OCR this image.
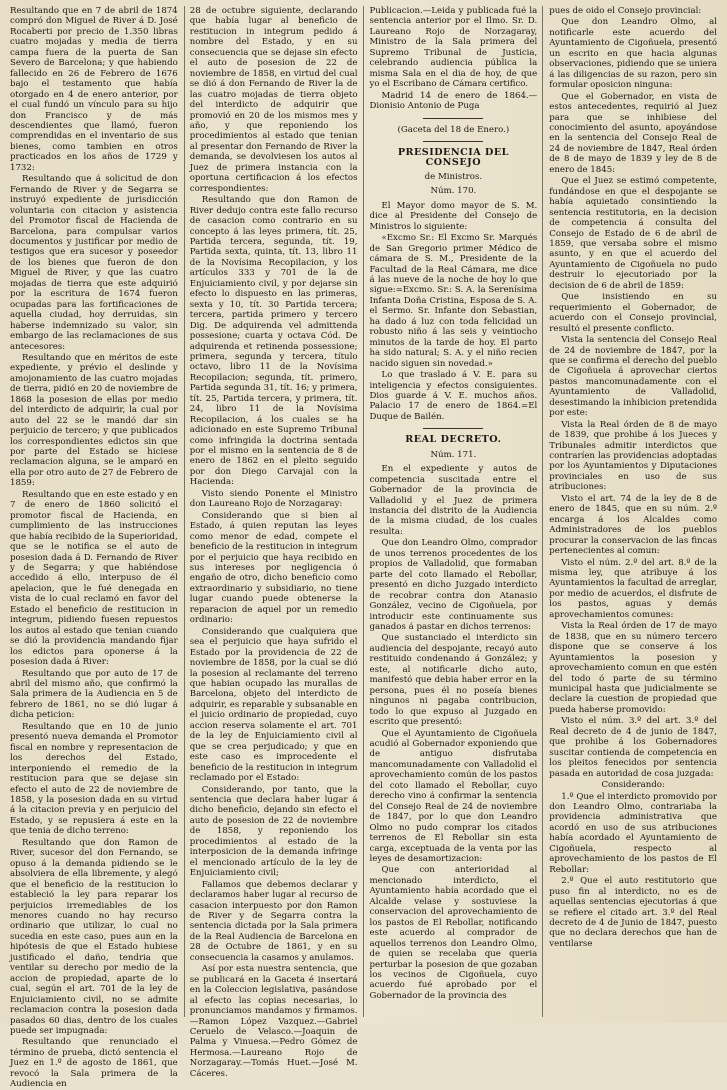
Resultando que en 7 de abril de 1874 compró don Miguel de River á D. José Rocaberti por precio de 1.350 libras cuatro mojadas y media de tierra campa fuera de la puerta de San Severo de Barcelona; y que habiendo fallecido en 26 de Febrero de 1676 bajo el testamento que había otorgado en 4 de enero anterior, por el cual fundó un vínculo para su hijo don Francisco y de más descendientes que llamó, fueron comprendidas en el inventario de sus bienes, como tambien en otros practicados en los años de 1729 y 1732:

Resultando que á solicitud de don Fernando de River y de Segarra se instruyó expediente de jurisdicción voluntaria con citacion y asistencia del Promotor fiscal de Hacienda de Barcelona, para compulsar varios documentos y justificar por medio de testigos que era sucesor y poseedor de los bienes que fueron de don Miguel de River, y que las cuatro mojadas de tierra que este adquirió por la escritura de 1674 fueron ocupadas para las fortificaciones de aquella ciudad, hoy derruidas, sin haberse indemnizado su valor, sin embargo de las reclamaciones de sus antecesores:

Resultando que en méritos de este expediente, y prévio el deslinde y amojonamiento de las cuatro mojadas de tierra, pidió en 20 de noviembre de 1868 la posesion de ellas por medio del interdicto de adquirir, la cual por auto del 22 se le mandó dar sin perjuicio de tercero; y que publicados los correspondientes edictos sin que por parte del Estado se hiciese reclamacion alguna, se le amparó en ella por otro auto de 27 de Febrero de 1859:

Resultando que en este estado y en 7 de enero de 1860 solicitó el promotor fiscal de Hacienda, en cumplimiento de las instrucciones que había recibido de la Superioridad, que se le notifica se el auto de posesion dada á D. Fernando de River y de Segarra; y que habiéndose accedido á ello, interpuso de él apelacion, que le fué denegada en vista de lo cual reclamó en favor del Estado el beneficio de restitucion in integrum, pidiendo fuesen repuestos los autos al estado que tenian cuando se dió la providencia mandando fijar los edictos para oponerse á la posesion dada á River:

Resultando que por auto de 17 de abril del mismo año, que confirmó la Sala primera de la Audiencia en 5 de febrero de 1861, no se dió lugar á dicha peticion:

Resultando que en 10 de junio presentó nueva demanda el Promotor fiscal en nombre y representacion de los derechos del Estado, interponiendo el remedio de la restitucion para que se dejase sin efecto el auto de 22 de noviembre de 1858, y la posesion dada en su virtud á la citacion previa y en perjuicio del Estado, y se repusiera á este en la que tenia de dicho terreno:

Resultando que don Ramon de River, sucesor del don Fernando, se opuso á la demanda pidiendo se le absolviera de ella libremente, y alegó que el beneficio de la restitucion lo estableció la ley para reparar los perjuicios irremediables de los menores cuando no hay recurso ordinario que utilizar, lo cual no sucedia en este caso, pues aun en la hipótesis de que el Estado hubiese justificado el daño, tendria que ventilar su derecho por medio de la accion de propiedad, aparte de lo cual, según el art. 701 de la ley de Enjuiciamiento civil, no se admite reclamacion contra la posesion dada pasados 60 dias, dentro de los cuales puede ser impugnada:

Resultando que renunciado el término de prueba, dictó sentencia el Juez en 1.º de agosto de 1861, que revocó la Sala primera de la Audiencia en

28 de octubre siguiente, declarando que había lugar al beneficio de restitucion in integrum pedido á nombre del Estado, y en su consecuencia que se dejase sin efecto el auto de posesion de 22 de noviembre de 1858, en virtud del cual se dió á don Fernando de River la de las cuatro mojadas de tierra objeto del interdicto de adquirir que promovió en 20 de los mismos mes y año, y que reponiendo los procedimientos al estado que tenian al presentar don Fernando de River la demanda, se devolviesen los autos al Juez de primera instancia con la oportuna certificacion á los efectos correspondientes:

Resultando que don Ramon de River dedujo contra este fallo recurso de casacion como contrario en su concepto á las leyes primera, tít. 25, Partida tercera, segunda, tít. 19, Partida sexta, quinta, tít. 13, libro 11 de la Novísima Recopilacion, y los artículos 333 y 701 de la de Enjuiciamiento civil, y por dejarse sin efecto lo dispuesto en las primeras, sexta y 10, tít. 30 Partida tercera; tercera, partida primero y tercero Dig. De adquirenda vel admittenda possesione; cuarta y octava Cód. De adquirenda et retinenda possessione; primera, segunda y tercera, título octavo, libro 11 de la Novísima Recopilacion; segunda, tít. primero, Partida segunda 31, tít. 16; y primera, tít. 25, Partida tercera, y primera, tít. 24, libro 11 de la Novísima Recopilacion, á los cuales se ha adicionado en este Supremo Tribunal como infringida la doctrina sentada por el mismo en la sentencia de 8 de enero de 1862 en el pleito seguido por don Diego Carvajal con la Hacienda:

Visto siendo Ponente el Ministro don Laureano Rojo de Norzagaray:

Considerando que si bien al Estado, á quien reputan las leyes como menor de edad, compete el beneficio de la restitucion in integrum por el perjuicio que haya recibido en sus intereses por negligencia ó engaño de otro, dicho beneficio como extraordinario y subsidiario, no tiene lugar cuando puede obtenerse la reparacion de aquel por un remedio ordinario:

Considerando que cualquiera que sea el perjuicio que haya sufrido el Estado por la providencia de 22 de noviembre de 1858, por la cual se dió la posesion al reclamante del terreno que habian ocupado las murallas de Barcelona, objeto del interdicto de adquirir, es reparable y subsanable en el juicio ordinario de propiedad, cuyo accion reserva solamente el art. 701 de la ley de Enjuiciamiento civil al que se crea perjudicado; y que en este caso es improcedente el beneficio de la restitucion in integrum reclamado por el Estado:

Considerando, por tanto, que la sentencia que declara haber lugar á dicho beneficio, dejando sin efecto el auto de posesion de 22 de noviembre de 1858, y reponiendo los procedimientos al estado de la interposicion de la demanda infringe el mencionado artículo de la ley de Enjuiciamiento civil;

Fallamos que debemos declarar y declaramos haber lugar al recurso de casacion interpuesto por don Ramon de River y de Segarra contra la sentencia dictada por la Sala primera de la Real Audiencia de Barcelona en 28 de Octubre de 1861, y en su consecuencia la casamos y anulamos.

Así por esta nuestra sentencia, que se publicará en la Gaceta é insertará en la Coleccion legislativa, pasándose al efecto las copias necesarias, lo pronunciamos mandamos y firmamos.—Ramon López Vazquez.—Gabriel Ceruelo de Velasco.—Joaquin de Palma y Vinuesa.—Pedro Gómez de Hermosa.—Laureano Rojo de Norzagaray.—Tomás Huet.—José M. Cáceres.

Publicacion.—Leida y publicada fué la sentencia anterior por el Ilmo. Sr. D. Laureano Rojo de Norzagaray, Ministro de la Sala primera del Supremo Tribunal de Justicia, celebrando audiencia pública la misma Sala en el dia de hoy, de que yo el Escribano de Cámara certifico.

Madrid 14 de enero de 1864.—Dionisio Antonio de Puga

(Gaceta del 18 de Enero.)

PRESIDENCIA DEL CONSEJO

de Ministros.

Núm. 170.

El Mayor domo mayor de S. M. dice al Presidente del Consejo de Ministros lo siguiente:

«Excmo Sr.: El Excmo Sr. Marqués de San Gregorio primer Médico de cámara de S. M., Presidente de la Facultad de la Real Cámara, me dice á las nueve de la noche de hoy lo que sigue:=Excmo. Sr.: S. A. la Serenísima Infanta Doña Cristina, Esposa de S. A. el Sermo. Sr. Infante don Sebastian, ha dado á luz con toda felicidad un robusto niño á las seis y veintiocho minutos de la tarde de hoy. El parto ha sido natural; S. A. y el niño recien nacido siguen sin novedad.»

Lo que traslado á V. E. para su inteligencia y efectos consiguientes. Dios guarde á V. E. muchos años. Palacio 17 de enero de 1864.=El Duque de Bailén.

REAL DECRETO.

Núm. 171.

En el expediente y autos de competencia suscitada entre el Gobernador de la provincia de Valladolid y el Juez de primera instancia del distrito de la Audiencia de la misma ciudad, de los cuales resulta:

Que don Leandro Olmo, comprador de unos terrenos procedentes de los propios de Valladolid, que formaban parte del coto llamado el Rebollar, presentó en dicho Juzgado interdicto de recobrar contra don Atanasio González, vecino de Cigoñuela, por introducir este continuamente sus ganados á pastar en dichos terrenos:

Que sustanciado el interdicto sin audiencia del despojante, recayó auto restituido condenando á González; y este, al notificarle dicho auto, manifestó que debia haber error en la persona, pues él no poseía bienes ningunos ni pagaba contribucion, todo lo que expuso al Juzgado en escrito que presentó:

Que el Ayuntamiento de Cigoñuela acudió al Gobernador exponiendo que de antiguo disfrutaba mancomunadamente con Valladolid el aprovechamiento común de los pastos del coto llamado el Rebollar, cuyo derecho vino á confirmar la sentencia del Consejo Real de 24 de noviembre de 1847, por lo que don Leandro Olmo no pudo comprar los citados terrenos de El Rebollar sin esta carga, exceptuada de la venta por las leyes de desamortizacion:

Que con anterioridad al mencionado interdicto, el Ayuntamiento había acordado que el Alcalde velase y sostuviese la conservacion del aprovechamiento de los pastos de El Rebollar, notificando este acuerdo al comprador de aquellos terrenos don Leandro Olmo, de quien se recelaba que queria perturbar la posesion de que gozaban los vecinos de Cigoñuela, cuyo acuerdo fué aprobado por el Gobernador de la provincia des

pues de oido el Consejo provincial:

Que don Leandro Olmo, al notificarle este acuerdo del Ayuntamiento de Cigoñuela, presentó un escrito en que hacia algunas observaciones, pidiendo que se uniera á las diligencias de su razon, pero sin formular oposicion ninguna:

Que el Gobernador, en vista de estos antecedentes, requirió al Juez para que se inhibiese del conocimiento del asunto, apoyándose en la sentencia del Consejo Real de 24 de noviembre de 1847, Real órden de 8 de mayo de 1839 y ley de 8 de enero de 1845:

Que el Juez se estimó competente, fundándose en que el despojante se había aquietado consintiendo la sentencia restitutoria, en la decision de competencia á consulta del Consejo de Estado de 6 de abril de 1859, que versaba sobre el mismo asunto, y en que el acuerdo del Ayuntamiento de Cigoñuela no pudo destruir lo ejecutoriado por la decision de 6 de abril de 1859:

Que insistiendo en su requerimiento el Gobernador, de acuerdo con el Consejo provincial, resultó el presente conflicto.

Vista la sentencia del Consejo Real de 24 de noviembre de 1847, por la que se confirma el derecho del pueblo de Cigoñuela á aprovechar ciertos pastos mancomunadamente con el Ayuntamiento de Valladolid, desestimando la inhibicion pretendida por este:

Vista la Real órden de 8 de mayo de 1839, que prohibe á los Jueces y Tribunales admitir interdictos que contraríen las providencias adoptadas por los Ayuntamientos y Diputaciones provinciales en uso de sus atribuciones:

Visto el art. 74 de la ley de 8 de enero de 1845, que en su núm. 2.º encarga á los Alcaldes como Administradores de los pueblos procurar la conservacion de las fincas pertenecientes al comun:

Visto el núm. 2.º del art. 8.º de la misma ley, que atribuye á los Ayuntamientos la facultad de arreglar, por medio de acuerdos, el disfrute de los pastos, aguas y demás aprovechamientos comunes:

Vista la Real órden de 17 de mayo de 1838, que en su número tercero dispone que se conserve á los Ayuntamientos la posesion y aprovechamiento comun en que estén del todo ó parte de su término municipal hasta que judicialmente se declare la cuestion de propiedad que pueda haberse promovido:

Visto el núm. 3.º del art. 3.º del Real decreto de 4 de junio de 1847, que prohibe á los Gobernadores suscitar contienda de competencia en los pleitos fenecidos por sentencia pasada en autoridad de cosa juzgada:

Considerando:

1.º Que el interdicto promovido por don Leandro Olmo, contrariaba la providencia administrativa que acordó en uso de sus atribuciones había acordado el Ayuntamiento de Cigoñuela, respecto al aprovechamiento de los pastos de El Rebollar:

2.º Que el auto restitutorio que puso fin al interdicto, no es de aquellas sentencias ejecutorias á que se refiere el citado art. 3.º del Real decreto de 4 de Junio de 1847, puesto que no declara derechos que han de ventilarse
